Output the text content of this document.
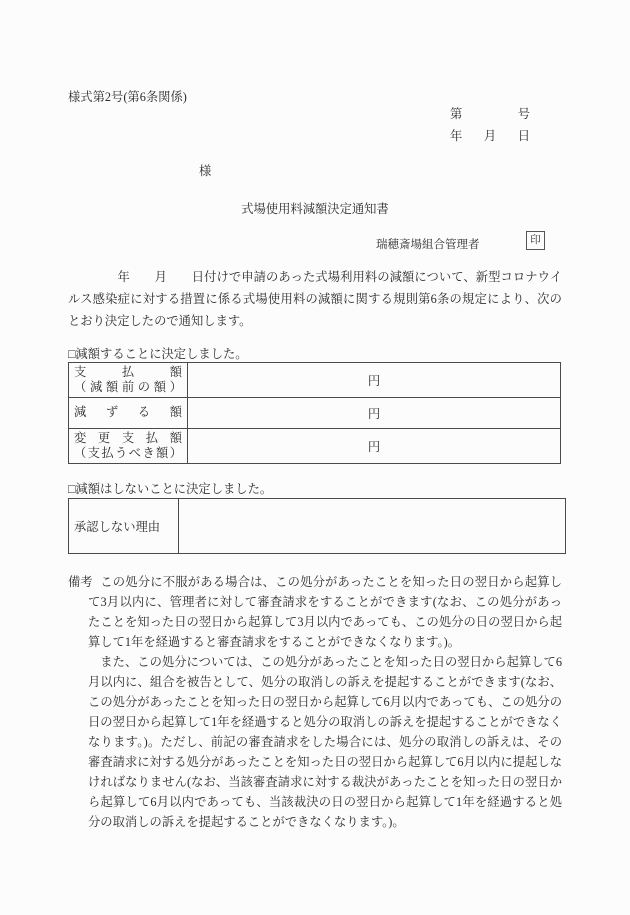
様式第2号(第6条関係)
第	号
年 月 日
様
式場使用料減額決定通知書
瑞穂斎場組合管理者	印
　　　　年　　月　　日付けで申請のあった式場利用料の減額について、新型コロナウイルス感染症に対する措置に係る式場使用料の減額に関する規則第6条の規定により、次のとおり決定したので通知します。
□減額することに決定しました。
支払額
（減額前の額）	円

減ずる額	円

変更支払額
（支払うべき額）	円
□減額はしないことに決定しました。
承認しない理由	
備考 この処分に不服がある場合は、この処分があったことを知った日の翌日から起算して3月以内に、管理者に対して審査請求をすることができます(なお、この処分があったことを知った日の翌日から起算して3月以内であっても、この処分の日の翌日から起算して1年を経過すると審査請求をすることができなくなります。)。

また、この処分については、この処分があったことを知った日の翌日から起算して6月以内に、組合を被告として、処分の取消しの訴えを提起することができます(なお、この処分があったことを知った日の翌日から起算して6月以内であっても、この処分の日の翌日から起算して1年を経過すると処分の取消しの訴えを提起することができなくなります。)。ただし、前記の審査請求をした場合には、処分の取消しの訴えは、その審査請求に対する処分があったことを知った日の翌日から起算して6月以内に提起しなければなりません(なお、当該審査請求に対する裁決があったことを知った日の翌日から起算して6月以内であっても、当該裁決の日の翌日から起算して1年を経過すると処分の取消しの訴えを提起することができなくなります。)。
